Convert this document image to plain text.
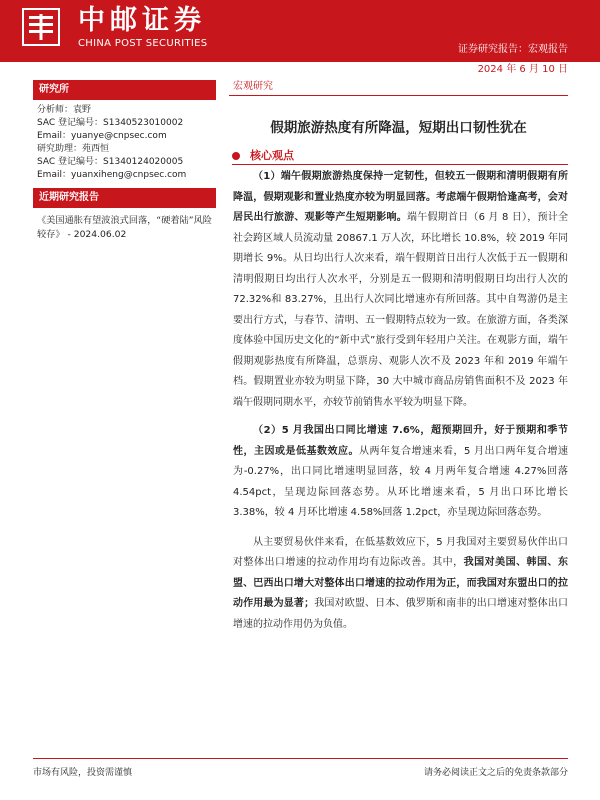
中邮证券
CHINA POST SECURITIES
证券研究报告：宏观报告
2024 年 6 月 10 日
研究所
分析师：袁野
SAC 登记编号：S1340523010002
Email：yuanye@cnpsec.com
研究助理：苑西恒
SAC 登记编号：S1340124020005
Email：yuanxiheng@cnpsec.com
近期研究报告
《美国通胀有望波浪式回落，“硬着陆”风险较存》 - 2024.06.02
宏观研究
假期旅游热度有所降温，短期出口韧性犹在
核心观点

（1）端午假期旅游热度保持一定韧性，但较五一假期和清明假期有所降温，假期观影和置业热度亦较为明显回落。考虑端午假期恰逢高考，会对居民出行旅游、观影等产生短期影响。端午假期首日（6 月 8 日），预计全社会跨区域人员流动量 20867.1 万人次，环比增长 10.8%，较 2019 年同期增长 9%。从日均出行人次来看，端午假期首日出行人次低于五一假期和清明假期日均出行人次水平，分别是五一假期和清明假期日均出行人次的 72.32%和 83.27%，且出行人次同比增速亦有所回落。其中自驾游仍是主要出行方式，与春节、清明、五一假期特点较为一致。在旅游方面，各类深度体验中国历史文化的“新中式”旅行受到年轻用户关注。在观影方面，端午假期观影热度有所降温，总票房、观影人次不及 2023 年和 2019 年端午档。假期置业亦较为明显下降，30 大中城市商品房销售面积不及 2023 年端午假期同期水平，亦较节前销售水平较为明显下降。

（2）5 月我国出口同比增速 7.6%，超预期回升，好于预期和季节性，主因或是低基数效应。从两年复合增速来看，5 月出口两年复合增速为-0.27%，出口同比增速明显回落，较 4 月两年复合增速 4.27%回落 4.54pct，呈现边际回落态势。从环比增速来看，5 月出口环比增长 3.38%，较 4 月环比增速 4.58%回落 1.2pct，亦呈现边际回落态势。

从主要贸易伙伴来看，在低基数效应下，5 月我国对主要贸易伙伴出口对整体出口增速的拉动作用均有边际改善。其中，我国对美国、韩国、东盟、巴西出口增大对整体出口增速的拉动作用为正，而我国对东盟出口的拉动作用最为显著；我国对欧盟、日本、俄罗斯和南非的出口增速对整体出口增速的拉动作用仍为负值。

市场有风险，投资需谨慎	请务必阅读正文之后的免责条款部分
